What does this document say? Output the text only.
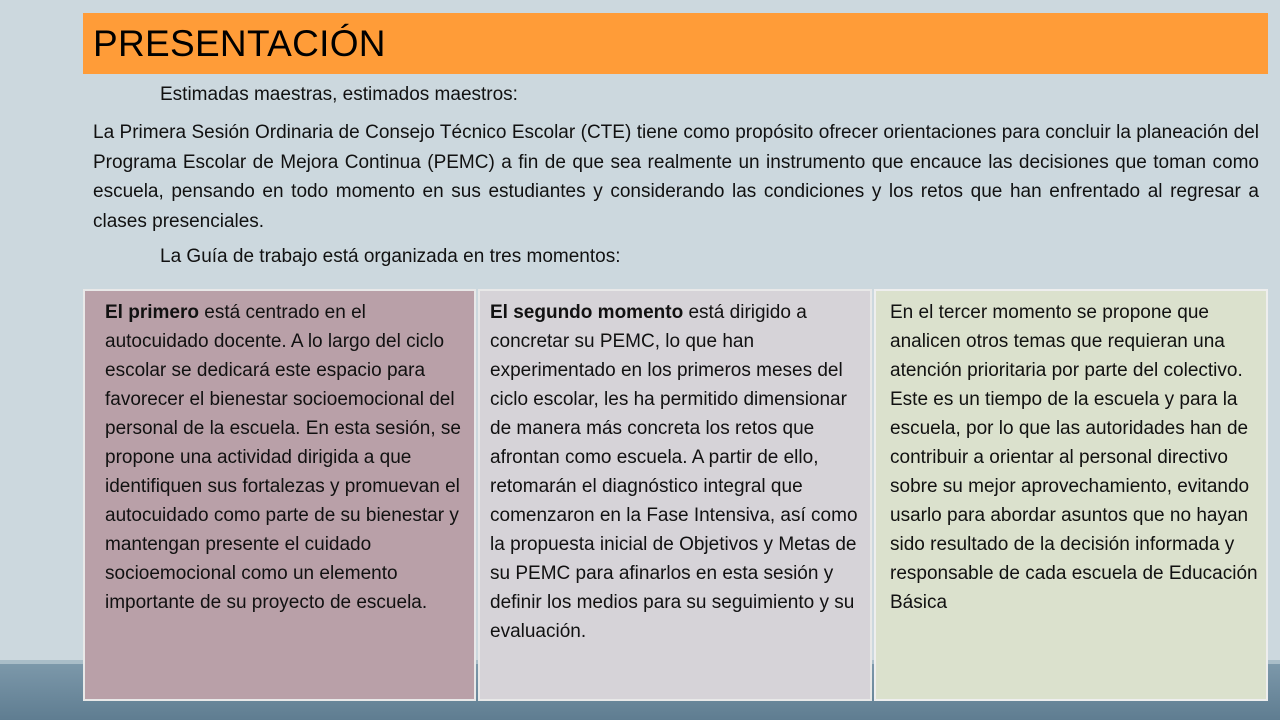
PRESENTACIÓN
Estimadas maestras, estimados maestros:
La Primera Sesión Ordinaria de Consejo Técnico Escolar (CTE) tiene como propósito ofrecer orientaciones para concluir la planeación del Programa Escolar de Mejora Continua (PEMC) a fin de que sea realmente un instrumento que encauce las decisiones que toman como escuela, pensando en todo momento en sus estudiantes y considerando las condiciones y los retos que han enfrentado al regresar a clases presenciales.
La Guía de trabajo está organizada en tres momentos:
El primero está centrado en el autocuidado docente. A lo largo del ciclo escolar se dedicará este espacio para favorecer el bienestar socioemocional del personal de la escuela. En esta sesión, se propone una actividad dirigida a que identifiquen sus fortalezas y promuevan el autocuidado como parte de su bienestar y mantengan presente el cuidado socioemocional como un elemento importante de su proyecto de escuela.
El segundo momento está dirigido a concretar su PEMC, lo que han experimentado en los primeros meses del ciclo escolar, les ha permitido dimensionar de manera más concreta los retos que afrontan como escuela. A partir de ello, retomarán el diagnóstico integral que comenzaron en la Fase Intensiva, así como la propuesta inicial de Objetivos y Metas de su PEMC para afinarlos en esta sesión y definir los medios para su seguimiento y su evaluación.
En el tercer momento se propone que analicen otros temas que requieran una atención prioritaria por parte del colectivo. Este es un tiempo de la escuela y para la escuela, por lo que las autoridades han de contribuir a orientar al personal directivo sobre su mejor aprovechamiento, evitando usarlo para abordar asuntos que no hayan sido resultado de la decisión informada y responsable de cada escuela de Educación Básica
